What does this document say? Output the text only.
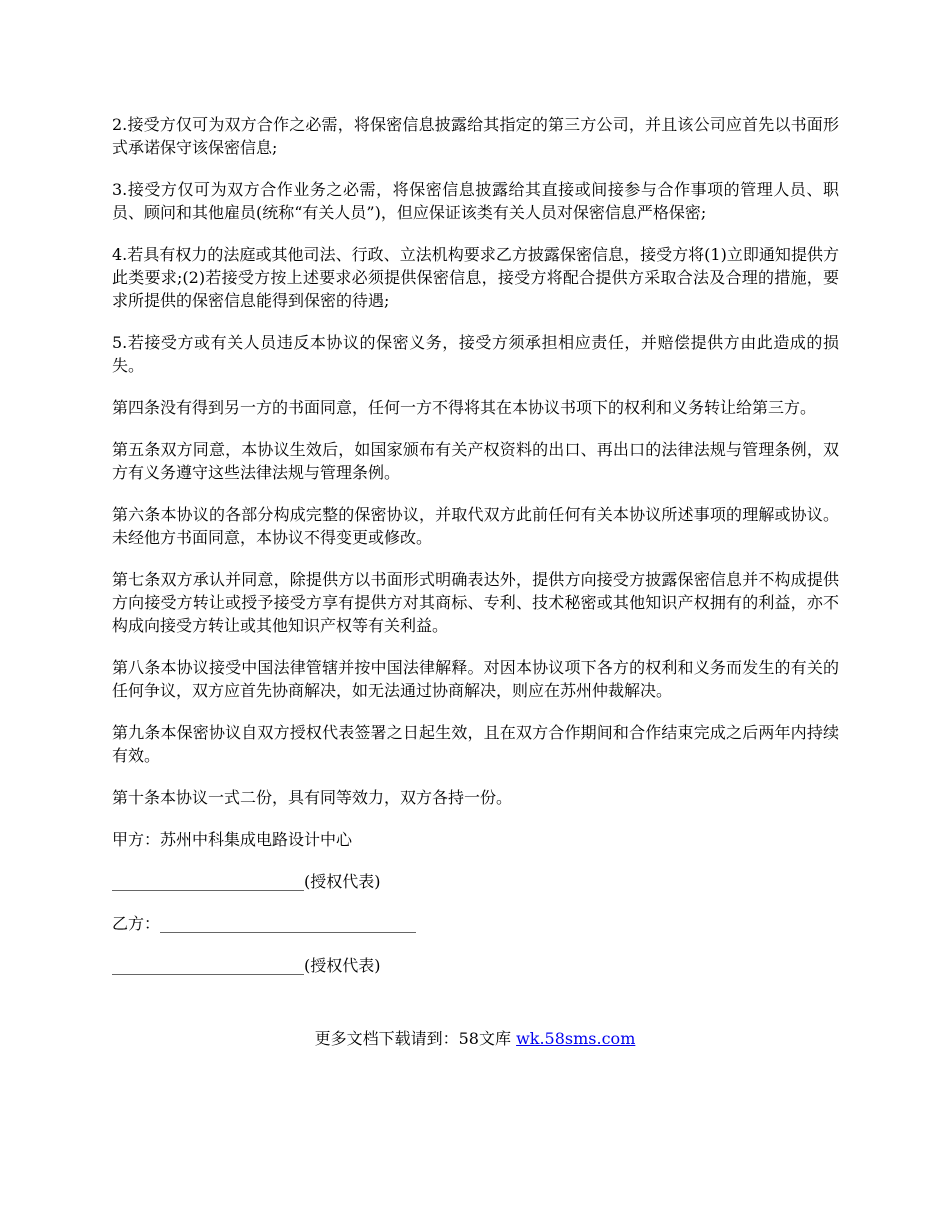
2.接受方仅可为双方合作之必需，将保密信息披露给其指定的第三方公司，并且该公司应首先以书面形式承诺保守该保密信息;

3.接受方仅可为双方合作业务之必需，将保密信息披露给其直接或间接参与合作事项的管理人员、职员、顾问和其他雇员(统称“有关人员”)，但应保证该类有关人员对保密信息严格保密;

4.若具有权力的法庭或其他司法、行政、立法机构要求乙方披露保密信息，接受方将(1)立即通知提供方此类要求;(2)若接受方按上述要求必须提供保密信息，接受方将配合提供方采取合法及合理的措施，要求所提供的保密信息能得到保密的待遇;

5.若接受方或有关人员违反本协议的保密义务，接受方须承担相应责任，并赔偿提供方由此造成的损失。

第四条没有得到另一方的书面同意，任何一方不得将其在本协议书项下的权利和义务转让给第三方。

第五条双方同意，本协议生效后，如国家颁布有关产权资料的出口、再出口的法律法规与管理条例，双方有义务遵守这些法律法规与管理条例。

第六条本协议的各部分构成完整的保密协议，并取代双方此前任何有关本协议所述事项的理解或协议。未经他方书面同意，本协议不得变更或修改。

第七条双方承认并同意，除提供方以书面形式明确表达外，提供方向接受方披露保密信息并不构成提供方向接受方转让或授予接受方享有提供方对其商标、专利、技术秘密或其他知识产权拥有的利益，亦不构成向接受方转让或其他知识产权等有关利益。

第八条本协议接受中国法律管辖并按中国法律解释。对因本协议项下各方的权利和义务而发生的有关的任何争议，双方应首先协商解决，如无法通过协商解决，则应在苏州仲裁解决。

第九条本保密协议自双方授权代表签署之日起生效，且在双方合作期间和合作结束完成之后两年内持续有效。

第十条本协议一式二份，具有同等效力，双方各持一份。

甲方：苏州中科集成电路设计中心

________________________(授权代表)

乙方：________________________________

________________________(授权代表)

更多文档下载请到：58文库 wk.58sms.com
